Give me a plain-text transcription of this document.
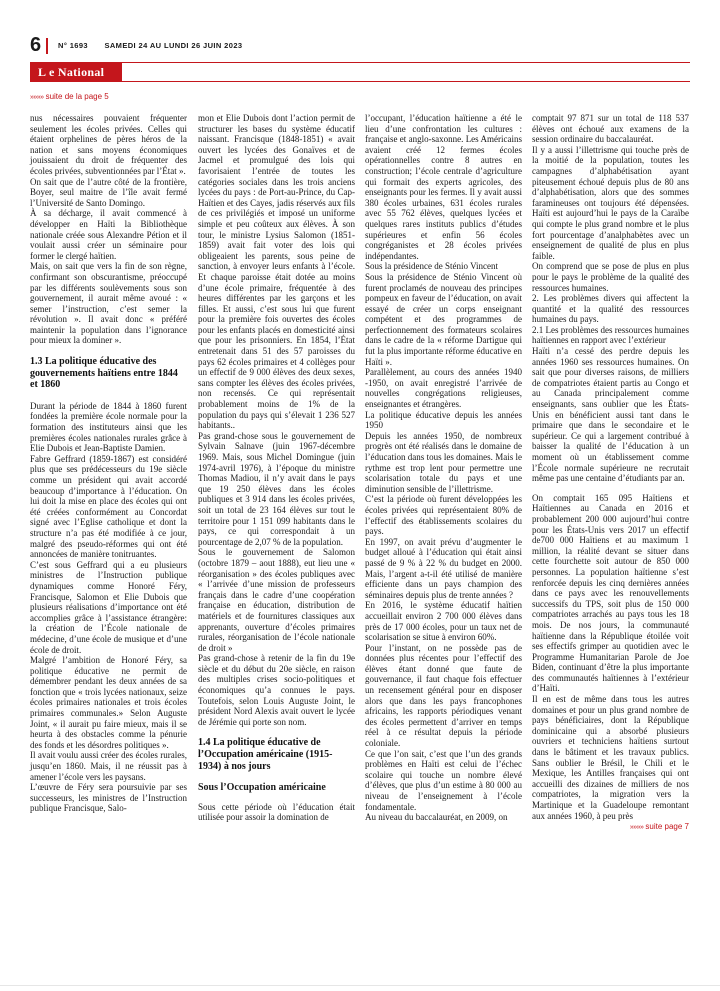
6 N° 1693 SAMEDI 24 AU LUNDI 26 JUIN 2023
L e National
»»»» suite de la page 5

nus nécessaires pouvaient fréquenter seulement les écoles privées. Celles qui étaient orphelines de pères héros de la nation et sans moyens économiques jouissaient du droit de fréquenter des écoles privées, subventionnées par l’État ».

On sait que de l’autre côté de la frontière, Boyer, seul maitre de l’île avait fermé l’Université de Santo Domingo.

À sa décharge, il avait commencé à développer en Haïti la Bibliothèque nationale créée sous Alexandre Pétion et il voulait aussi créer un séminaire pour former le clergé haïtien.

Mais, on sait que vers la fin de son règne, confirmant son obscurantisme, préoccupé par les différents soulèvements sous son gouvernement, il aurait même avoué : « semer l’instruction, c’est semer la révolution ». Il avait donc « préféré maintenir la population dans l’ignorance pour mieux la dominer ».

1.3 La politique éducative des gouvernements haïtiens entre 1844 et 1860

Durant la période de 1844 à 1860 furent fondées la première école normale pour la formation des instituteurs ainsi que les premières écoles nationales rurales grâce à Elie Dubois et Jean-Baptiste Damien.

Fabre Geffrard (1859-1867) est considéré plus que ses prédécesseurs du 19e siècle comme un président qui avait accordé beaucoup d’importance à l’éducation. On lui doit la mise en place des écoles qui ont été créées conformément au Concordat signé avec l’Eglise catholique et dont la structure n’a pas été modifiée à ce jour, malgré des pseudo-réformes qui ont été annoncées de manière tonitruantes.

C’est sous Geffrard qui a eu plusieurs ministres de l’Instruction publique dynamiques comme Honoré Féry, Francisque, Salomon et Elie Dubois que plusieurs réalisations d’importance ont été accomplies grâce à l’assistance étrangère: la création de l’École nationale de médecine, d’une école de musique et d’une école de droit.

Malgré l’ambition de Honoré Féry, sa politique éducative ne permit de démembrer pendant les deux années de sa fonction que « trois lycées nationaux, seize écoles primaires nationales et trois écoles primaires communales.» Selon Auguste Joint, « il aurait pu faire mieux, mais il se heurta à des obstacles comme la pénurie des fonds et les désordres politiques ».

Il avait voulu aussi créer des écoles rurales, jusqu’en 1860. Mais, il ne réussit pas à amener l’école vers les paysans.

L’œuvre de Féry sera poursuivie par ses successeurs, les ministres de l’Instruction publique Francisque, Salo-

mon et Elie Dubois dont l’action permit de structurer les bases du système éducatif naissant. Francisque (1848-1851) « avait ouvert les lycées des Gonaïves et de Jacmel et promulgué des lois qui favorisaient l’entrée de toutes les catégories sociales dans les trois anciens lycées du pays : de Port-au-Prince, du Cap-Haïtien et des Cayes, jadis réservés aux fils de ces privilégiés et imposé un uniforme simple et peu coûteux aux élèves. À son tour, le ministre Lysius Salomon (1851-1859) avait fait voter des lois qui obligeaient les parents, sous peine de sanction, à envoyer leurs enfants à l’école. Et chaque paroisse était dotée au moins d’une école primaire, fréquentée à des heures différentes par les garçons et les filles. Et aussi, c’est sous lui que furent pour la première fois ouvertes des écoles pour les enfants placés en domesticité ainsi que pour les prisonniers. En 1854, l’État entretenait dans 51 des 57 paroisses du pays 62 écoles primaires et 4 collèges pour un effectif de 9 000 élèves des deux sexes, sans compter les élèves des écoles privées, non recensés. Ce qui représentait probablement moins de 1% de la population du pays qui s’élevait 1 236 527 habitants..

Pas grand-chose sous le gouvernement de Sylvain Salnave (juin 1967-décembre 1969. Mais, sous Michel Domingue (juin 1974-avril 1976), à l’époque du ministre Thomas Madiou, il n’y avait dans le pays que 19 250 élèves dans les écoles publiques et 3 914 dans les écoles privées, soit un total de 23 164 élèves sur tout le territoire pour 1 151 099 habitants dans le pays, ce qui correspondait à un pourcentage de 2,07 % de la population.

Sous le gouvernement de Salomon (octobre 1879 – aout 1888), eut lieu une « réorganisation » des écoles publiques avec « l’arrivée d’une mission de professeurs français dans le cadre d’une coopération française en éducation, distribution de matériels et de fournitures classiques aux apprenants, ouverture d’écoles primaires rurales, réorganisation de l’école nationale de droit »

Pas grand-chose à retenir de la fin du 19e siècle et du début du 20e siècle, en raison des multiples crises socio-politiques et économiques qu’a connues le pays. Toutefois, selon Louis Auguste Joint, le président Nord Alexis avait ouvert le lycée de Jérémie qui porte son nom.

1.4 La politique éducative de l’Occupation américaine (1915-1934) à nos jours
Sous l’Occupation américaine

Sous cette période où l’éducation était utilisée pour assoir la domination de

l’occupant, l’éducation haïtienne a été le lieu d’une confrontation les cultures : française et anglo-saxonne. Les Américains avaient créé 12 fermes écoles opérationnelles contre 8 autres en construction; l’école centrale d’agriculture qui formait des experts agricoles, des enseignants pour les fermes. Il y avait aussi 380 écoles urbaines, 631 écoles rurales avec 55 762 élèves, quelques lycées et quelques rares instituts publics d’études supérieures et enfin 56 écoles congréganistes et 28 écoles privées indépendantes.

Sous la présidence de Sténio Vincent

Sous la présidence de Sténio Vincent où furent proclamés de nouveau des principes pompeux en faveur de l’éducation, on avait essayé de créer un corps enseignant compétent et des programmes de perfectionnement des formateurs scolaires dans le cadre de la « réforme Dartigue qui fut la plus importante réforme éducative en Haïti ».

Parallèlement, au cours des années 1940 -1950, on avait enregistré l’arrivée de nouvelles congrégations religieuses, enseignantes et étrangères.

La politique éducative depuis les années 1950

Depuis les années 1950, de nombreux progrès ont été réalisés dans le domaine de l’éducation dans tous les domaines. Mais le rythme est trop lent pour permettre une scolarisation totale du pays et une diminution sensible de l’illettrisme.

C’est la période où furent développées les écoles privées qui représentaient 80% de l’effectif des établissements scolaires du pays.

En 1997, on avait prévu d’augmenter le budget alloué à l’éducation qui était ainsi passé de 9 % à 22 % du budget en 2000. Mais, l’argent a-t-il été utilisé de manière efficiente dans un pays champion des séminaires depuis plus de trente années ?

En 2016, le système éducatif haïtien accueillait environ 2 700 000 élèves dans près de 17 000 écoles, pour un taux net de scolarisation se situe à environ 60%.

Pour l’instant, on ne possède pas de données plus récentes pour l’effectif des élèves étant donné que faute de gouvernance, il faut chaque fois effectuer un recensement général pour en disposer alors que dans les pays francophones africains, les rapports périodiques venant des écoles permettent d’arriver en temps réel à ce résultat depuis la période coloniale.

Ce que l’on sait, c’est que l’un des grands problèmes en Haïti est celui de l’échec scolaire qui touche un nombre élevé d’élèves, que plus d’un estime à 80 000 au niveau de l’enseignement à l’école fondamentale.

Au niveau du baccalauréat, en 2009, on

comptait 97 871 sur un total de 118 537 élèves ont échoué aux examens de la session ordinaire du baccalauréat.

Il y a aussi l’illettrisme qui touche près de la moitié de la population, toutes les campagnes d’alphabétisation ayant piteusement échoué depuis plus de 80 ans d’alphabétisation, alors que des sommes faramineuses ont toujours été dépensées. Haïti est aujourd’hui le pays de la Caraïbe qui compte le plus grand nombre et le plus fort pourcentage d’analphabètes avec un enseignement de qualité de plus en plus faible.

On comprend que se pose de plus en plus pour le pays le problème de la qualité des ressources humaines.

2. Les problèmes divers qui affectent la quantité et la qualité des ressources humaines du pays.

2.1 Les problèmes des ressources humaines haïtiennes en rapport avec l’extérieur

Haïti n’a cessé des perdre depuis les années 1960 ses ressources humaines. On sait que pour diverses raisons, de milliers de compatriotes étaient partis au Congo et au Canada principalement comme enseignants, sans oublier que les États-Unis en bénéficient aussi tant dans le primaire que dans le secondaire et le supérieur. Ce qui a largement contribué à baisser la qualité de l’éducation à un moment où un établissement comme l’École normale supérieure ne recrutait même pas une centaine d’étudiants par an.

On comptait 165 095 Haïtiens et Haïtiennes au Canada en 2016 et probablement 200 000 aujourd’hui contre pour les États-Unis vers 2017 un effectif de700 000 Haïtiens et au maximum 1 million, la réalité devant se situer dans cette fourchette soit autour de 850 000 personnes. La population haïtienne s’est renforcée depuis les cinq dernières années dans ce pays avec les renouvellements successifs du TPS, soit plus de 150 000 compatriotes arrachés au pays tous les 18 mois. De nos jours, la communauté haïtienne dans la République étoilée voit ses effectifs grimper au quotidien avec le Programme Humanitarian Parole de Joe Biden, continuant d’être la plus importante des communautés haïtiennes à l’extérieur d’Haïti.

Il en est de même dans tous les autres domaines et pour un plus grand nombre de pays bénéficiaires, dont la République dominicaine qui a absorbé plusieurs ouvriers et techniciens haïtiens surtout dans le bâtiment et les travaux publics. Sans oublier le Brésil, le Chili et le Mexique, les Antilles françaises qui ont accueilli des dizaines de milliers de nos compatriotes, la migration vers la Martinique et la Guadeloupe remontant aux années 1960, à peu près

»»»» suite page 7
